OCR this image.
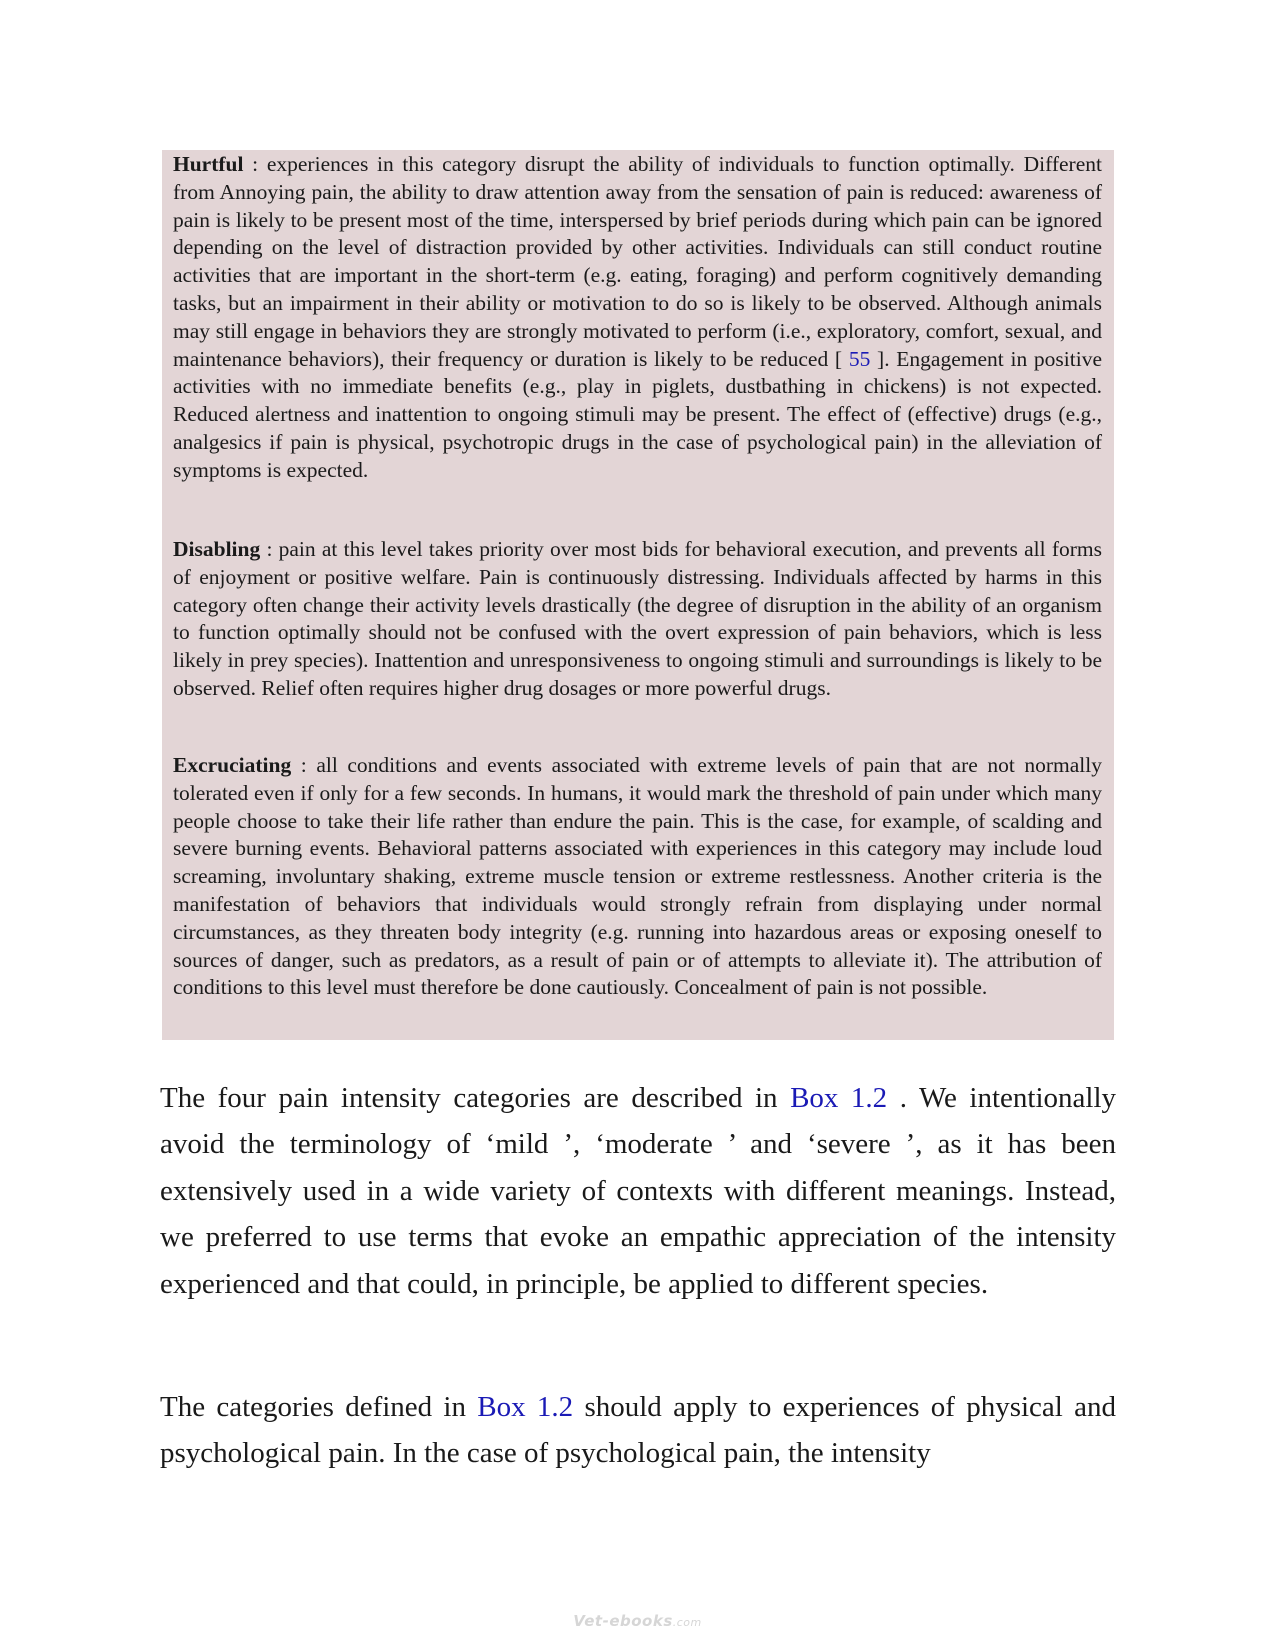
Hurtful : experiences in this category disrupt the ability of individuals to function optimally. Different from Annoying pain, the ability to draw attention away from the sensation of pain is reduced: awareness of pain is likely to be present most of the time, interspersed by brief periods during which pain can be ignored depending on the level of distraction provided by other activities. Individuals can still conduct routine activities that are important in the short-term (e.g. eating, foraging) and perform cognitively demanding tasks, but an impairment in their ability or motivation to do so is likely to be observed. Although animals may still engage in behaviors they are strongly motivated to perform (i.e., exploratory, comfort, sexual, and maintenance behaviors), their frequency or duration is likely to be reduced [ 55 ]. Engagement in positive activities with no immediate benefits (e.g., play in piglets, dustbathing in chickens) is not expected. Reduced alertness and inattention to ongoing stimuli may be present. The effect of (effective) drugs (e.g., analgesics if pain is physical, psychotropic drugs in the case of psychological pain) in the alleviation of symptoms is expected.

Disabling : pain at this level takes priority over most bids for behavioral execution, and prevents all forms of enjoyment or positive welfare. Pain is continuously distressing. Individuals affected by harms in this category often change their activity levels drastically (the degree of disruption in the ability of an organism to function optimally should not be confused with the overt expression of pain behaviors, which is less likely in prey species). Inattention and unresponsiveness to ongoing stimuli and surroundings is likely to be observed. Relief often requires higher drug dosages or more powerful drugs.

Excruciating : all conditions and events associated with extreme levels of pain that are not normally tolerated even if only for a few seconds. In humans, it would mark the threshold of pain under which many people choose to take their life rather than endure the pain. This is the case, for example, of scalding and severe burning events. Behavioral patterns associated with experiences in this category may include loud screaming, involuntary shaking, extreme muscle tension or extreme restlessness. Another criteria is the manifestation of behaviors that individuals would strongly refrain from displaying under normal circumstances, as they threaten body integrity (e.g. running into hazardous areas or exposing oneself to sources of danger, such as predators, as a result of pain or of attempts to alleviate it). The attribution of conditions to this level must therefore be done cautiously. Concealment of pain is not possible.

The four pain intensity categories are described in Box 1.2 . We intentionally avoid the terminology of ‘mild ’, ‘moderate ’ and ‘severe ’, as it has been extensively used in a wide variety of contexts with different meanings. Instead, we preferred to use terms that evoke an empathic appreciation of the intensity experienced and that could, in principle, be applied to different species.

The categories defined in Box 1.2 should apply to experiences of physical and psychological pain. In the case of psychological pain, the intensity

Vet-ebooks.com
